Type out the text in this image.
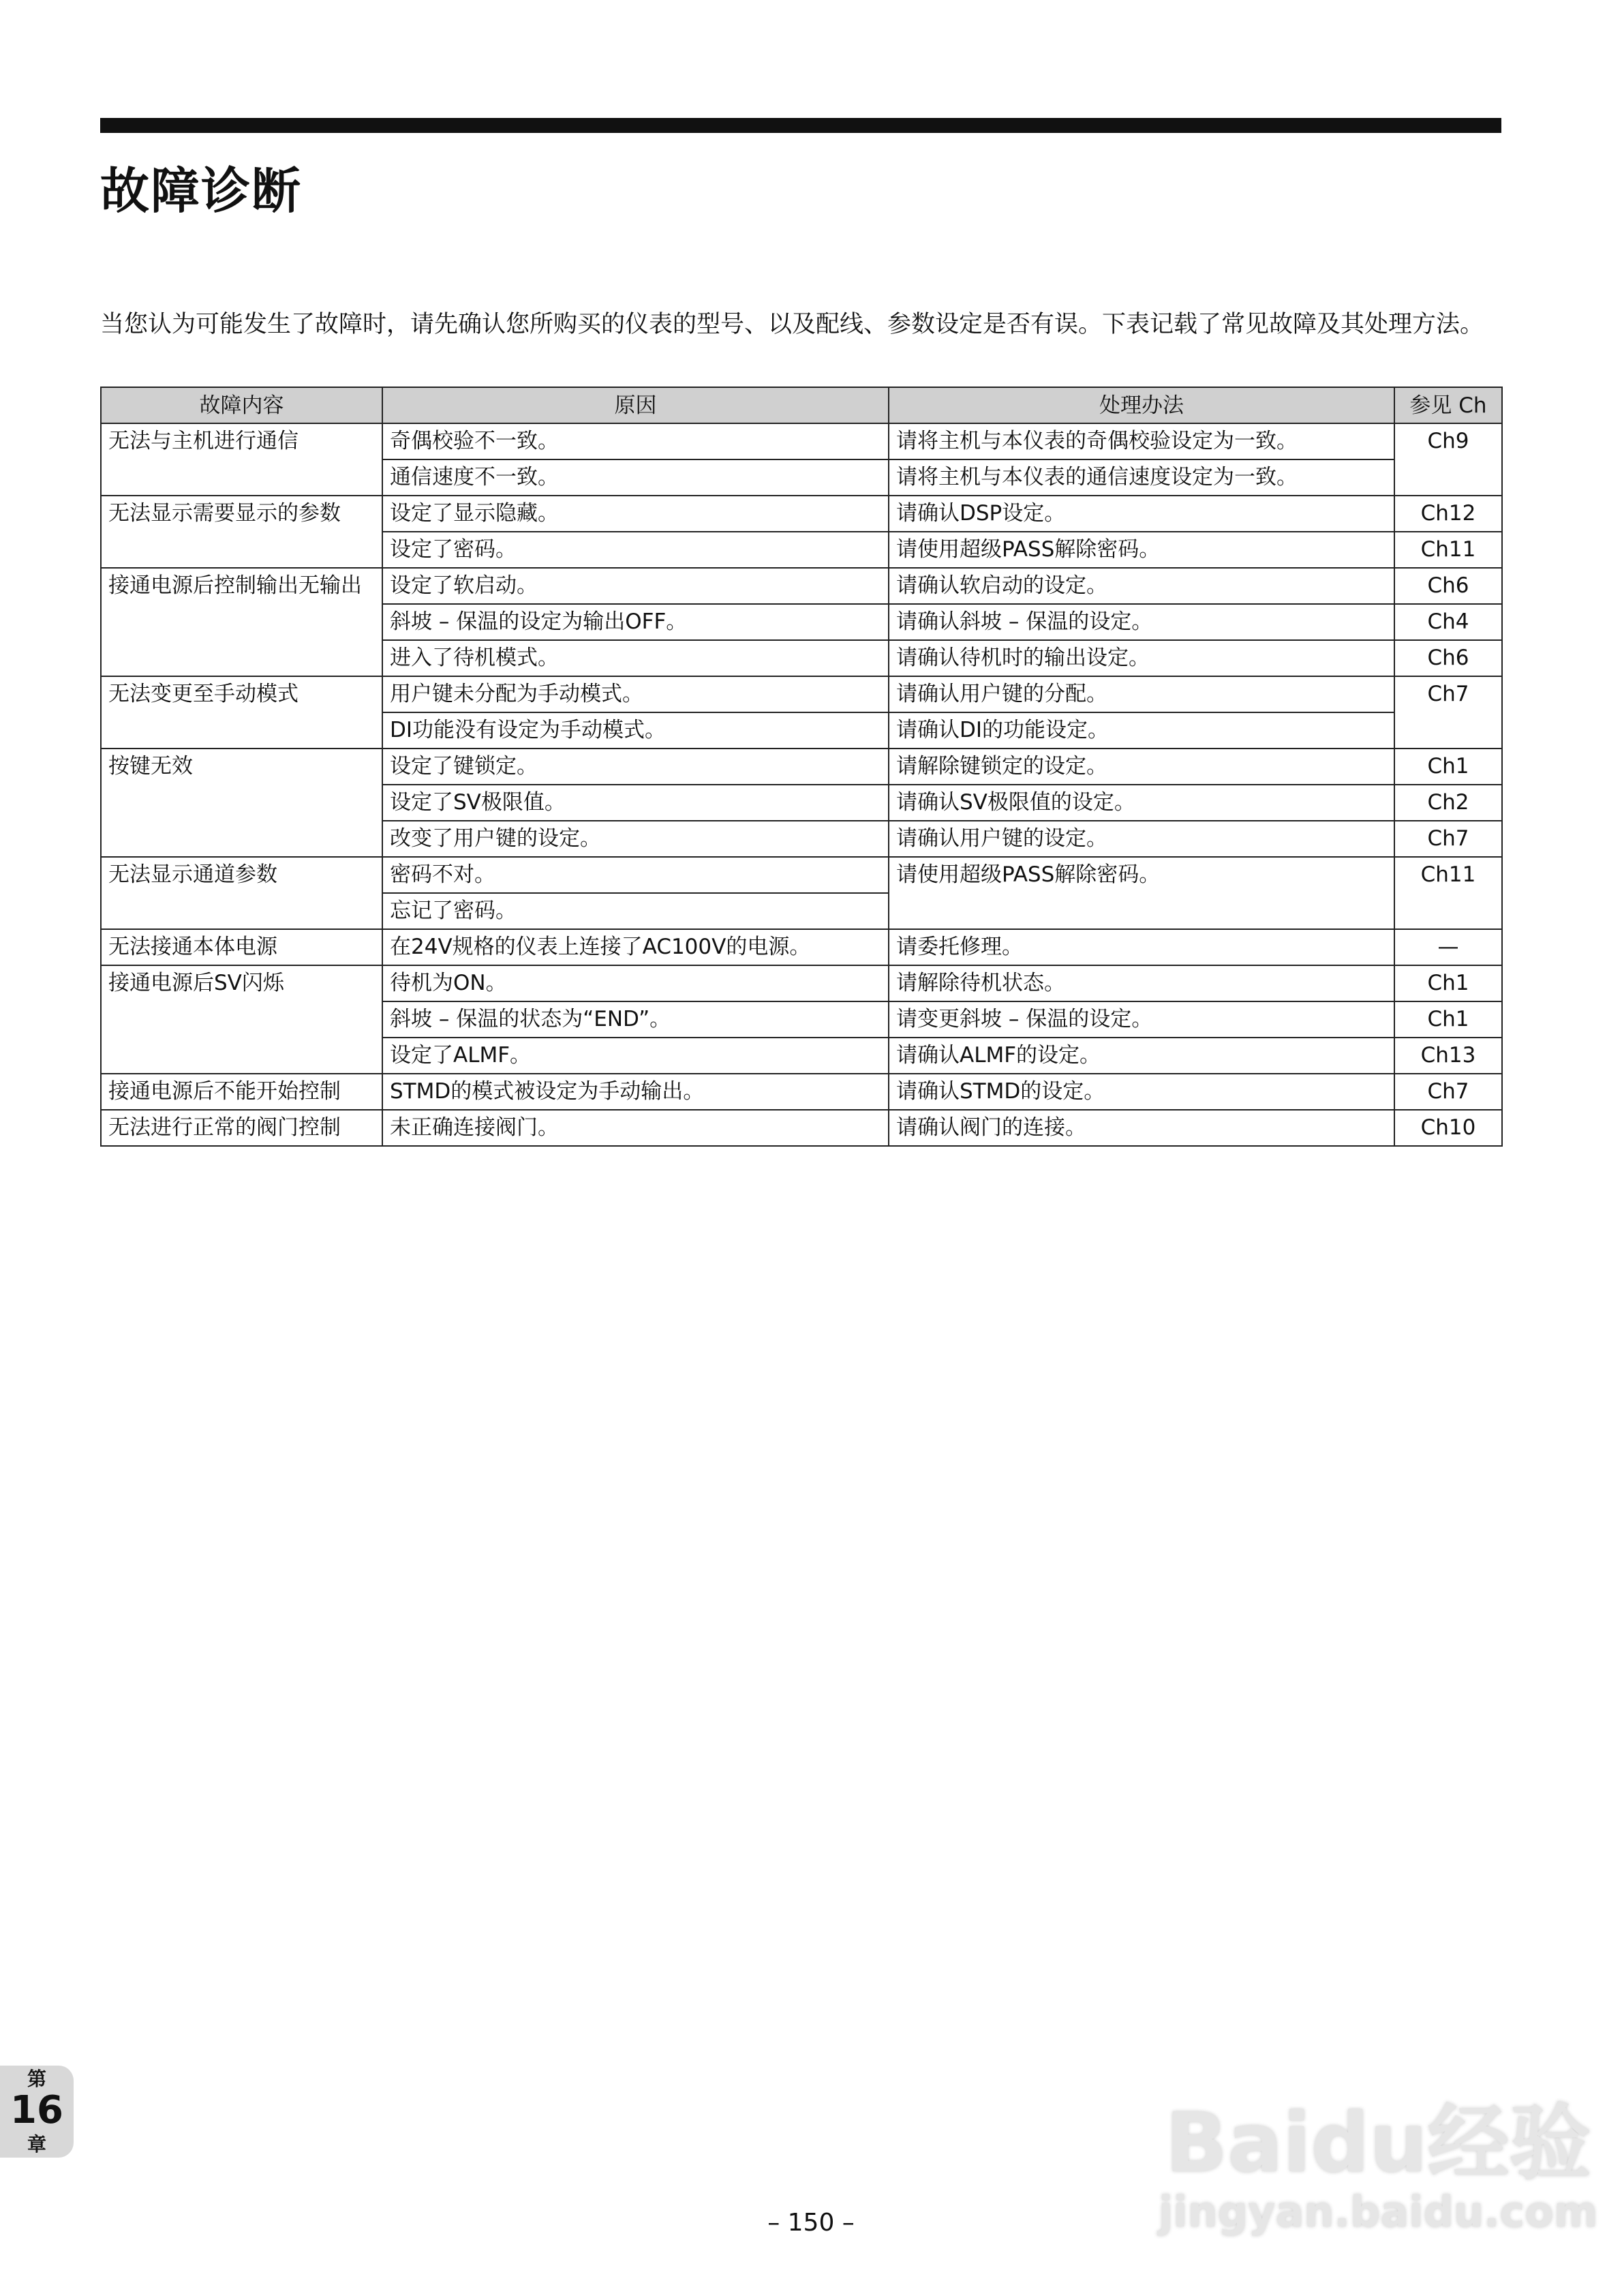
故障诊断

当您认为可能发生了故障时，请先确认您所购买的仪表的型号、以及配线、参数设定是否有误。下表记载了常见故障及其处理方法。

故障内容	原因	处理办法	参见 Ch
无法与主机进行通信	奇偶校验不一致。	请将主机与本仪表的奇偶校验设定为一致。	Ch9
	通信速度不一致。	请将主机与本仪表的通信速度设定为一致。	
无法显示需要显示的参数	设定了显示隐藏。	请确认DSP设定。	Ch12
	设定了密码。	请使用超级PASS解除密码。	Ch11
接通电源后控制输出无输出	设定了软启动。	请确认软启动的设定。	Ch6
	斜坡 – 保温的设定为输出OFF。	请确认斜坡 – 保温的设定。	Ch4
	进入了待机模式。	请确认待机时的输出设定。	Ch6
无法变更至手动模式	用户键未分配为手动模式。	请确认用户键的分配。	Ch7
	DI功能没有设定为手动模式。	请确认DI的功能设定。	
按键无效	设定了键锁定。	请解除键锁定的设定。	Ch1
	设定了SV极限值。	请确认SV极限值的设定。	Ch2
	改变了用户键的设定。	请确认用户键的设定。	Ch7
无法显示通道参数	密码不对。	请使用超级PASS解除密码。	Ch11
	忘记了密码。		
无法接通本体电源	在24V规格的仪表上连接了AC100V的电源。	请委托修理。	—
接通电源后SV闪烁	待机为ON。	请解除待机状态。	Ch1
	斜坡 – 保温的状态为“END”。	请变更斜坡 – 保温的设定。	Ch1
	设定了ALMF。	请确认ALMF的设定。	Ch13
接通电源后不能开始控制	STMD的模式被设定为手动输出。	请确认STMD的设定。	Ch7
无法进行正常的阀门控制	未正确连接阀门。	请确认阀门的连接。	Ch10
第
16
章
– 150 –
Baidu经验
jingyan.baidu.com
